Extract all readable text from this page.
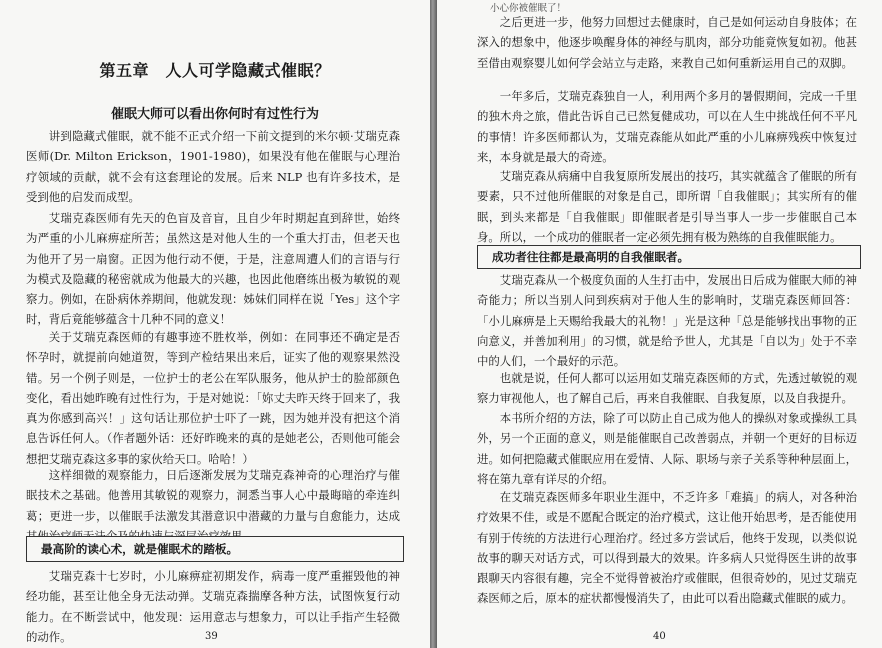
第五章　人人可学隐藏式催眠？
催眠大师可以看出你何时有过性行为

讲到隐藏式催眠，就不能不正式介绍一下前文提到的米尔顿·艾瑞克森医师(Dr. Milton Erickson，1901-1980)，如果没有他在催眠与心理治疗领域的贡献，就不会有这套理论的发展。后来 NLP 也有许多技术，是受到他的启发而成型。

艾瑞克森医师有先天的色盲及音盲，且自少年时期起直到辞世，始终为严重的小儿麻痹症所苦；虽然这是对他人生的一个重大打击，但老天也为他开了另一扇窗。正因为他行动不便，于是，注意周遭人们的言语与行为模式及隐藏的秘密就成为他最大的兴趣，也因此他磨练出极为敏锐的观察力。例如，在卧病休养期间，他就发现：姊妹们同样在说「Yes」这个字时，背后竟能够蕴含十几种不同的意义！

关于艾瑞克森医师的有趣事迹不胜枚举，例如：在同事还不确定是否怀孕时，就提前向她道贺，等到产检结果出来后，证实了他的观察果然没错。另一个例子则是，一位护士的老公在军队服务，他从护士的脸部颜色变化，看出她昨晚有过性行为，于是对她说：「妳丈夫昨天终于回来了，我真为你感到高兴！」这句话让那位护士吓了一跳，因为她并没有把这个消息告诉任何人。（作者题外话：还好昨晚来的真的是她老公，否则他可能会想把艾瑞克森这多事的家伙给天口。哈哈！）

这样细微的观察能力，日后逐渐发展为艾瑞克森神奇的心理治疗与催眠技术之基础。他善用其敏锐的观察力，洞悉当事人心中最晦暗的牵连纠葛；更进一步，以催眠手法激发其潜意识中潜藏的力量与自愈能力，达成

最高阶的读心术，就是催眠术的踏板。

艾瑞克森十七岁时，小儿麻痹症初期发作，病毒一度严重摧毁他的神经功能，甚至让他全身无法动弹。艾瑞克森揣摩各种方法，试图恢复行动能力。在不断尝试中，他发现：运用意志与想象力，可以让手指产生轻微的动作。	39
小心你被催眠了！

之后更进一步，他努力回想过去健康时，自己是如何运动自身肢体；在深入的想象中，他逐步唤醒身体的神经与肌肉，部分功能竟恢复如初。他甚至借由观察婴儿如何学会站立与走路，来教自己如何重新运用自己的双脚。

一年多后，艾瑞克森独自一人，利用两个多月的暑假期间，完成一千里的独木舟之旅，借此告诉自己已然复健成功，可以在人生中挑战任何不平凡的事情！许多医师都认为，艾瑞克森能从如此严重的小儿麻痹残疾中恢复过来，本身就是最大的奇迹。

艾瑞克森从病痛中自我复原所发展出的技巧，其实就蕴含了催眠的所有要素，只不过他所催眠的对象是自己，即所谓「自我催眠」；其实所有的催眠，到头来都是「自我催眠」即催眠者是引导当事人一步一步催眠自己本身。所以，一个成功的催眠者一定必须先拥有极为熟练的自我催眠能力。

成功者往往都是最高明的自我催眠者。

艾瑞克森从一个极度负面的人生打击中，发展出日后成为催眠大师的神奇能力；所以当别人问到疾病对于他人生的影响时，艾瑞克森医师回答：「小儿麻痹是上天赐给我最大的礼物！」光是这种「总是能够找出事物的正向意义，并善加利用」的习惯，就是给予世人，尤其是「自以为」处于不幸中的人们，一个最好的示范。

也就是说，任何人都可以运用如艾瑞克森医师的方式，先透过敏锐的观察力审视他人，也了解自己后，再来自我催眠、自我复原，以及自我提升。

本书所介绍的方法，除了可以防止自己成为他人的操纵对象或操纵工具外，另一个正面的意义，则是能催眠自己改善弱点，并朝一个更好的目标迈进。如何把隐藏式催眠应用在爱情、人际、职场与亲子关系等种种层面上，将在第九章有详尽的介绍。

在艾瑞克森医师多年职业生涯中，不乏许多「难搞」的病人，对各种治疗效果不佳，或是不愿配合既定的治疗模式，这让他开始思考，是否能使用有别于传统的方法进行心理治疗。经过多方尝试后，他终于发现，以类似说故事的聊天对话方式，可以得到最大的效果。许多病人只觉得医生讲的故事跟聊天内容很有趣，完全不觉得曾被治疗或催眠，但很奇妙的，见过艾瑞克森医师之后，原本的症状都慢慢消失了，由此可以看出隐藏式催眠的威力。

40
